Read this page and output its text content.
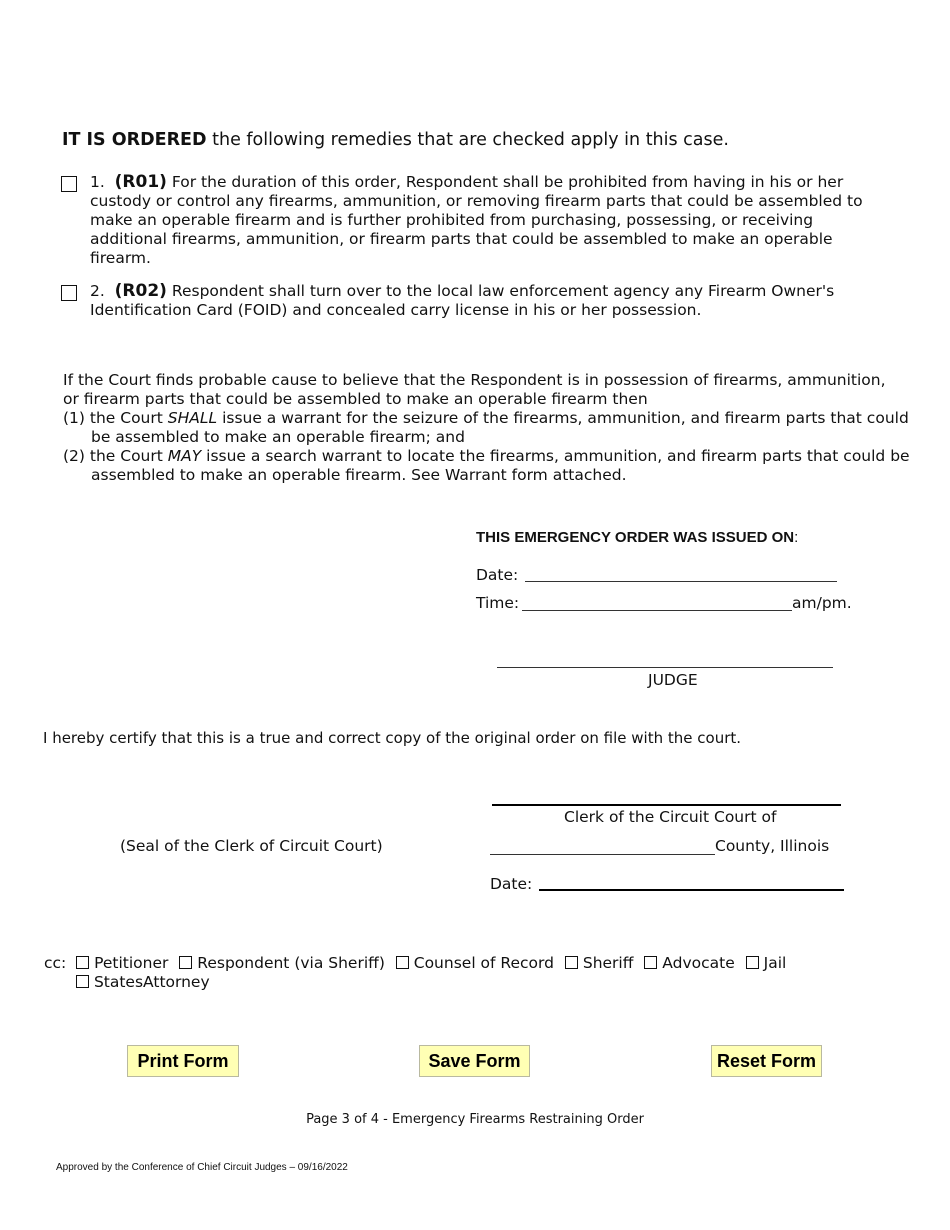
IT IS ORDERED the following remedies that are checked apply in this case.
1. (R01) For the duration of this order, Respondent shall be prohibited from having in his or her custody or control any firearms, ammunition, or removing firearm parts that could be assembled to make an operable firearm and is further prohibited from purchasing, possessing, or receiving additional firearms, ammunition, or firearm parts that could be assembled to make an operable firearm.
2. (R02) Respondent shall turn over to the local law enforcement agency any Firearm Owner's Identification Card (FOID) and concealed carry license in his or her possession.
If the Court finds probable cause to believe that the Respondent is in possession of firearms, ammunition, or firearm parts that could be assembled to make an operable firearm then
(1) the Court SHALL issue a warrant for the seizure of the firearms, ammunition, and firearm parts that could be assembled to make an operable firearm; and
(2) the Court MAY issue a search warrant to locate the firearms, ammunition, and firearm parts that could be assembled to make an operable firearm. See Warrant form attached.
THIS EMERGENCY ORDER WAS ISSUED ON:
Date:
Time:	am/pm.
JUDGE
I hereby certify that this is a true and correct copy of the original order on file with the court.
Clerk of the Circuit Court of
(Seal of the Clerk of Circuit Court)	County, Illinois
Date:
cc: Petitioner Respondent (via Sheriff) Counsel of Record Sheriff Advocate Jail
StatesAttorney
Print Form	Save Form	Reset Form
Page 3 of 4 - Emergency Firearms Restraining Order
Approved by the Conference of Chief Circuit Judges – 09/16/2022
